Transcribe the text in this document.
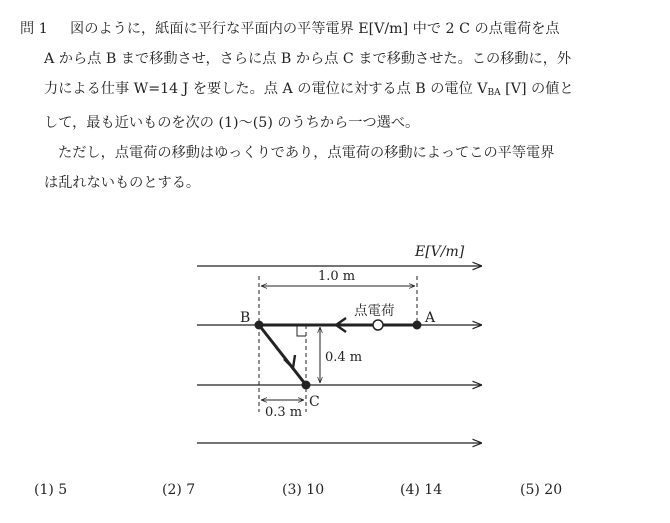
問 1 図のように，紙面に平行な平面内の平等電界 E[V/m] 中で 2 C の点電荷を点

A から点 B まで移動させ，さらに点 B から点 C まで移動させた。この移動に，外

力による仕事 W=14 J を要した。点 A の電位に対する点 B の電位 $V_{BA}$ [V] の値と

して，最も近いものを次の (1)～(5) のうちから一つ選べ。

ただし，点電荷の移動はゆっくりであり，点電荷の移動によってこの平等電界

は乱れないものとする。

E[V/m]
1.0 m
0.4 m
0.3 m
B	A
C
点電荷
(1) 5	(2) 7	(3) 10	(4) 14	(5) 20
